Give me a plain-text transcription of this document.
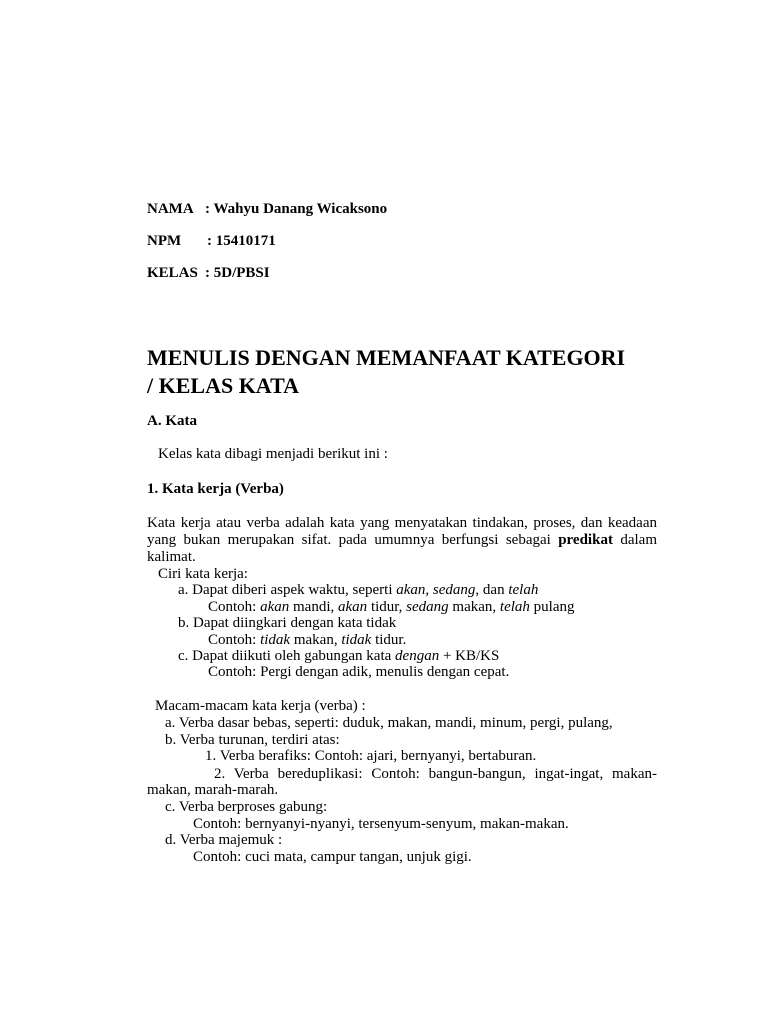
NAMA : Wahyu Danang Wicaksono
NPM : 15410171
KELAS : 5D/PBSI
MENULIS DENGAN MEMANFAAT KATEGORI
/ KELAS KATA
A. Kata
Kelas kata dibagi menjadi berikut ini :
1. Kata kerja (Verba)
Kata kerja atau verba adalah kata yang menyatakan tindakan, proses, dan keadaan
yang bukan merupakan sifat. pada umumnya berfungsi sebagai predikat dalam
kalimat.
Ciri kata kerja:
a. Dapat diberi aspek waktu, seperti akan, sedang, dan telah
Contoh: akan mandi, akan tidur, sedang makan, telah pulang
b. Dapat diingkari dengan kata tidak
Contoh: tidak makan, tidak tidur.
c. Dapat diikuti oleh gabungan kata dengan + KB/KS
Contoh: Pergi dengan adik, menulis dengan cepat.
Macam-macam kata kerja (verba) :
a. Verba dasar bebas, seperti: duduk, makan, mandi, minum, pergi, pulang,
b. Verba turunan, terdiri atas:
1. Verba berafiks: Contoh: ajari, bernyanyi, bertaburan.
2. Verba bereduplikasi: Contoh: bangun-bangun, ingat-ingat, makan-
makan, marah-marah.
c. Verba berproses gabung:
Contoh: bernyanyi-nyanyi, tersenyum-senyum, makan-makan.
d. Verba majemuk :
Contoh: cuci mata, campur tangan, unjuk gigi.
